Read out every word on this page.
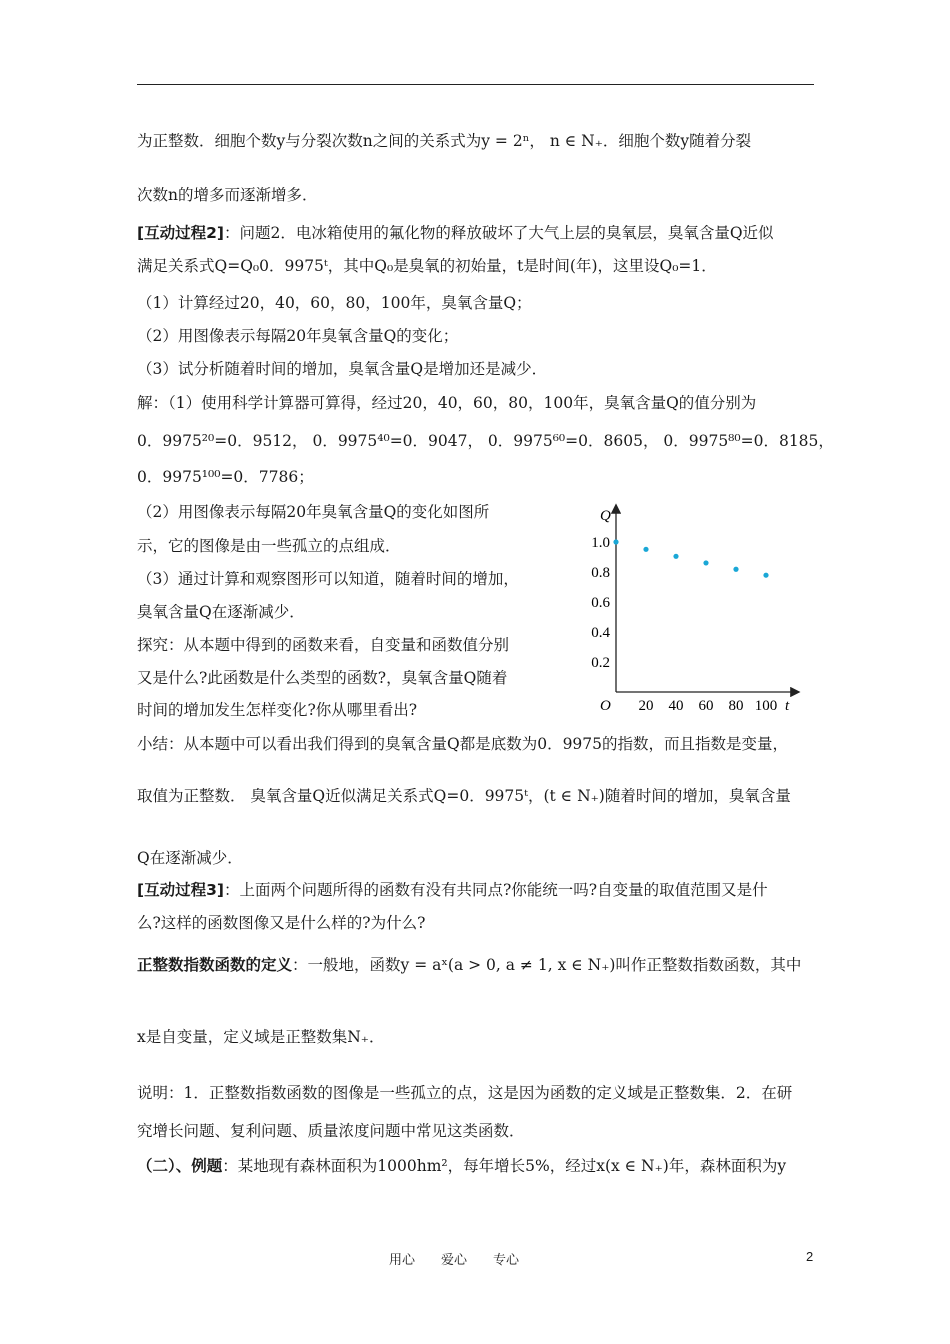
为正整数．细胞个数y与分裂次数n之间的关系式为y = 2ⁿ， n ∈ N₊．细胞个数y随着分裂
次数n的增多而逐渐增多．
[互动过程2]：问题2．电冰箱使用的氟化物的释放破坏了大气上层的臭氧层，臭氧含量Q近似
满足关系式Q=Q₀0．9975ᵗ，其中Q₀是臭氧的初始量，t是时间(年)，这里设Q₀=1．
（1）计算经过20，40，60，80，100年，臭氧含量Q；
（2）用图像表示每隔20年臭氧含量Q的变化；
（3）试分析随着时间的增加，臭氧含量Q是增加还是减少．
解：（1）使用科学计算器可算得，经过20，40，60，80，100年，臭氧含量Q的值分别为
0．9975²⁰=0．9512， 0．9975⁴⁰=0．9047， 0．9975⁶⁰=0．8605， 0．9975⁸⁰=0．8185，
0．9975¹⁰⁰=0．7786；
（2）用图像表示每隔20年臭氧含量Q的变化如图所
示，它的图像是由一些孤立的点组成．
（3）通过计算和观察图形可以知道，随着时间的增加，
臭氧含量Q在逐渐减少．
探究：从本题中得到的函数来看，自变量和函数值分别
又是什么?此函数是什么类型的函数?，臭氧含量Q随着
时间的增加发生怎样变化?你从哪里看出?
小结：从本题中可以看出我们得到的臭氧含量Q都是底数为0．9975的指数，而且指数是变量，
取值为正整数． 臭氧含量Q近似满足关系式Q=0．9975ᵗ，(t ∈ N₊)随着时间的增加，臭氧含量
Q在逐渐减少．
[互动过程3]：上面两个问题所得的函数有没有共同点?你能统一吗?自变量的取值范围又是什
么?这样的函数图像又是什么样的?为什么?
正整数指数函数的定义：一般地，函数y = aˣ(a > 0, a ≠ 1, x ∈ N₊)叫作正整数指数函数，其中
x是自变量，定义域是正整数集N₊．
说明：1．正整数指数函数的图像是一些孤立的点，这是因为函数的定义域是正整数集．2．在研
究增长问题、复利问题、质量浓度问题中常见这类函数．
（二）、例题：某地现有森林面积为1000hm²，每年增长5%，经过x(x ∈ N₊)年，森林面积为y
20 40 60 80 100
0.2
0.4
0.6
0.8
1.0
Q
t
O
用心　　爱心　　专心	2
